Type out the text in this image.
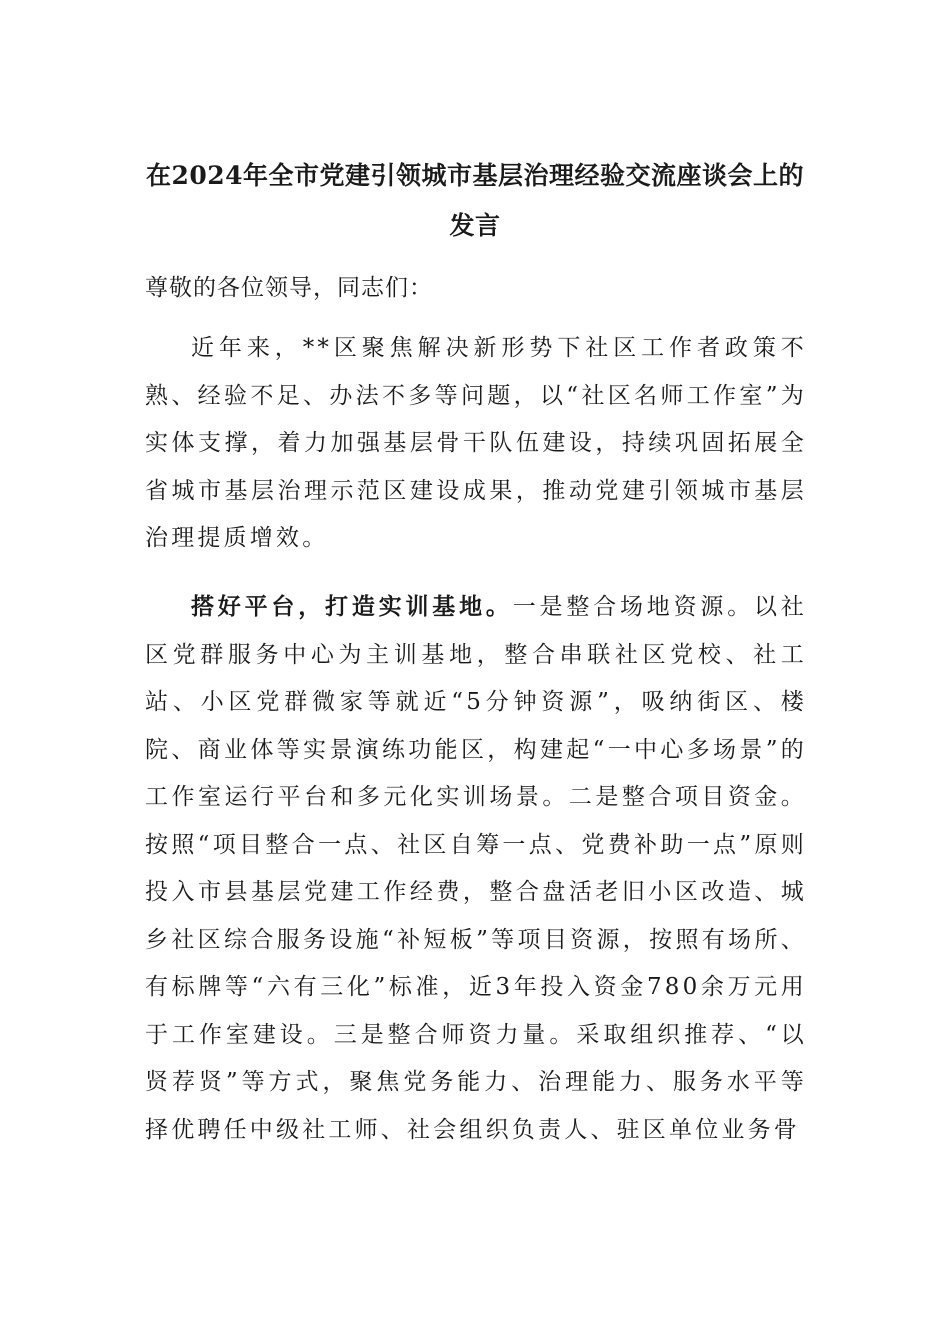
在2024年全市党建引领城市基层治理经验交流座谈会上的
发言

尊敬的各位领导，同志们：

近年来，**区聚焦解决新形势下社区工作者政策不熟、经验不足、办法不多等问题，以“社区名师工作室”为实体支撑，着力加强基层骨干队伍建设，持续巩固拓展全省城市基层治理示范区建设成果，推动党建引领城市基层治理提质增效。

搭好平台，打造实训基地。一是整合场地资源。以社区党群服务中心为主训基地，整合串联社区党校、社工站、小区党群微家等就近“5分钟资源”，吸纳街区、楼院、商业体等实景演练功能区，构建起“一中心多场景”的工作室运行平台和多元化实训场景。二是整合项目资金。按照“项目整合一点、社区自筹一点、党费补助一点”原则投入市县基层党建工作经费，整合盘活老旧小区改造、城乡社区综合服务设施“补短板”等项目资源，按照有场所、有标牌等“六有三化”标准，近3年投入资金780余万元用于工作室建设。三是整合师资力量。采取组织推荐、“以贤荐贤”等方式，聚焦党务能力、治理能力、服务水平等择优聘任中级社工师、社会组织负责人、驻区单位业务骨
